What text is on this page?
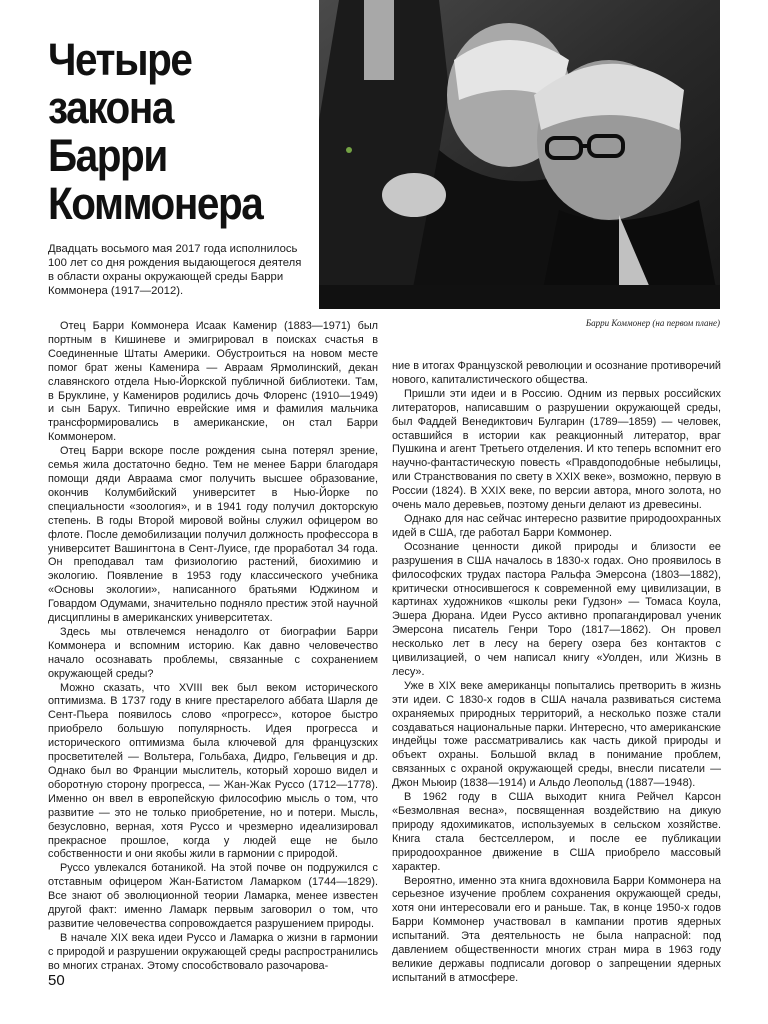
Четыре
закона
Барри
Коммонера

Двадцать восьмого мая 2017 года исполнилось 100 лет со дня рождения выдающегося деятеля в области охраны окружающей среды Барри Коммонера (1917—2012).

Барри Коммонер (на первом плане)

Отец Барри Коммонера Исаак Каменир (1883—1971) был портным в Кишиневе и эмигрировал в поисках счастья в Соединенные Штаты Америки. Обустроиться на новом месте помог брат жены Каменира — Авраам Ярмолинский, декан славянского отдела Нью-Йоркской публичной библиотеки. Там, в Бруклине, у Камениров родились дочь Флоренс (1910—1949) и сын Барух. Типично еврейские имя и фамилия мальчика трансформировались в американские, он стал Барри Коммонером.

Отец Барри вскоре после рождения сына потерял зрение, семья жила достаточно бедно. Тем не менее Барри благодаря помощи дяди Авраама смог получить высшее образование, окончив Колумбийский университет в Нью-Йорке по специальности «зоология», и в 1941 году получил докторскую степень. В годы Второй мировой войны служил офицером во флоте. После демобилизации получил должность профессора в университет Вашингтона в Сент-Луисе, где проработал 34 года. Он преподавал там физиологию растений, биохимию и экологию. Появление в 1953 году классического учебника «Основы экологии», написанного братьями Юджином и Говардом Одумами, значительно подняло престиж этой научной дисциплины в американских университетах.

Здесь мы отвлечемся ненадолго от биографии Барри Коммонера и вспомним историю. Как давно человечество начало осознавать проблемы, связанные с сохранением окружающей среды?

Можно сказать, что XVIII век был веком исторического оптимизма. В 1737 году в книге престарелого аббата Шарля де Сент-Пьера появилось слово «прогресс», которое быстро приобрело большую популярность. Идея прогресса и исторического оптимизма была ключевой для французских просветителей — Вольтера, Гольбаха, Дидро, Гельвеция и др. Однако был во Франции мыслитель, который хорошо видел и оборотную сторону прогресса, — Жан-Жак Руссо (1712—1778). Именно он ввел в европейскую философию мысль о том, что развитие — это не только приобретение, но и потери. Мысль, безусловно, верная, хотя Руссо и чрезмерно идеализировал прекрасное прошлое, когда у людей еще не было собственности и они якобы жили в гармонии с природой.

Руссо увлекался ботаникой. На этой почве он подружился с отставным офицером Жан-Батистом Ламарком (1744—1829). Все знают об эволюционной теории Ламарка, менее известен другой факт: именно Ламарк первым заговорил о том, что развитие человечества сопровождается разрушением природы.

В начале XIX века идеи Руссо и Ламарка о жизни в гармонии с природой и разрушении окружающей среды распространились во многих странах. Этому способствовало разочарова-

ние в итогах Французской революции и осознание противоречий нового, капиталистического общества.

Пришли эти идеи и в Россию. Одним из первых российских литераторов, написавшим о разрушении окружающей среды, был Фаддей Венедиктович Булгарин (1789—1859) — человек, оставшийся в истории как реакционный литератор, враг Пушкина и агент Третьего отделения. И кто теперь вспомнит его научно-фантастическую повесть «Правдоподобные небылицы, или Странствования по свету в XXIX веке», возможно, первую в России (1824). В XXIX веке, по версии автора, много золота, но очень мало деревьев, поэтому деньги делают из древесины.

Однако для нас сейчас интересно развитие природоохранных идей в США, где работал Барри Коммонер.

Осознание ценности дикой природы и близости ее разрушения в США началось в 1830-х годах. Оно проявилось в философских трудах пастора Ральфа Эмерсона (1803—1882), критически относившегося к современной ему цивилизации, в картинах художников «школы реки Гудзон» — Томаса Коула, Эшера Дюрана. Идеи Руссо активно пропагандировал ученик Эмерсона писатель Генри Торо (1817—1862). Он провел несколько лет в лесу на берегу озера без контактов с цивилизацией, о чем написал книгу «Уолден, или Жизнь в лесу».

Уже в XIX веке американцы попытались претворить в жизнь эти идеи. С 1830-х годов в США начала развиваться система охраняемых природных территорий, а несколько позже стали создаваться национальные парки. Интересно, что американские индейцы тоже рассматривались как часть дикой природы и объект охраны. Большой вклад в понимание проблем, связанных с охраной окружающей среды, внесли писатели — Джон Мьюир (1838—1914) и Альдо Леопольд (1887—1948).

В 1962 году в США выходит книга Рейчел Карсон «Безмолвная весна», посвященная воздействию на дикую природу ядохимикатов, используемых в сельском хозяйстве. Книга стала бестселлером, и после ее публикации природоохранное движение в США приобрело массовый характер.

Вероятно, именно эта книга вдохновила Барри Коммонера на серьезное изучение проблем сохранения окружающей среды, хотя они интересовали его и раньше. Так, в конце 1950-х годов Барри Коммонер участвовал в кампании против ядерных испытаний. Эта деятельность не была напрасной: под давлением общественности многих стран мира в 1963 году великие державы подписали договор о запрещении ядерных испытаний в атмосфере.

50
